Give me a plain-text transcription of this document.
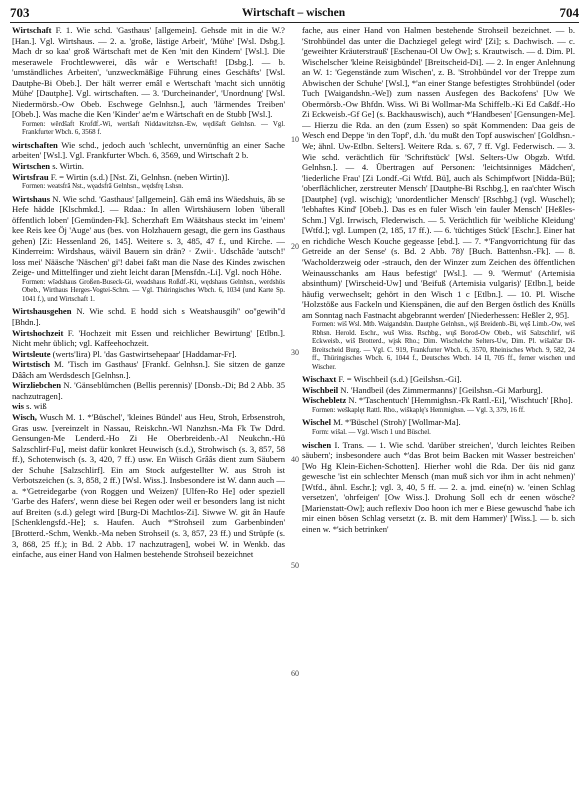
703	Wirtschaft – wischen	704

Wirtschaft F. 1. Wie schd. 'Gasthaus' [allgemein]. Gehsde mit in die W.? [Han.]. Vgl. Wirtshaus. — 2. a. 'große, lästige Arbeit', 'Mühe' [Wsl. Dsbg.]. Mach dr so kaa' groß Wärtschaft met de Ken 'mit den Kindern' [Wsl.]. Die meserawele Frochtlewwerei, dâs wår e Wertschaft! [Dsbg.]. — b. 'umständliches Arbeiten', 'unzweckmäßige Führung eines Geschäfts' [Wsl. Dautphe-Bi Obeb.]. Der hält werrer emâl e Wertschaft 'macht sich unnötig Mühe' [Dautphe]. Vgl. wirtschaften. — 3. 'Durcheinander', 'Unordnung' [Wsl. Niedermörsb.-Ow Obeb. Eschwege Gelnhsn.], auch 'lärmendes Treiben' [Obeb.]. Was mache die Ken 'Kinder' ae'm e Wärtschaft en de Stubb [Wsl.].

Formen: wêrdšaft Krofdf.-Wi, wertšaft Niddawitzhsn.-Ew, wędišaft Gelnhsn. — Vgl. Frankfurter Wbch. 6, 3568 f.

wirtschaften Wie schd., jedoch auch 'schlecht, unvernünftig an einer Sache arbeiten' [Wsl.]. Vgl. Frankfurter Wbch. 6, 3569, und Wirtschaft 2 b.

Wirtschen s. Wirtin.

Wirtsfrau F. = Wirtin (s.d.) [Nst. Zi, Gelnhsn. (neben Wirtin)].

Formen: weatsfrā Nst., węadsfrā Gelnhsn., wędsfrę Lshsn.

Wirtshaus N. Wie schd. 'Gasthaus' [allgemein]. Gäh emâ ins Wäedshuis, âb se Hefe hädde [Klschmkd.]. — Rdaa.: In allen Wirtshäusern loben 'überall öffentlich loben' [Gemünden-Fk]. Scherzhaft Em Wäätshaus steckt im 'einem' kee Reis kee Öj 'Auge' aus (bes. von Holzhauern gesagt, die gern ins Gasthaus gehen) [Zi: Hessenland 26, 145]. Weitere s. 3, 485, 47 f., und Kirche. — Kinderreim: Wirdshaus, wäivil Bauern sin drän? · Zwii·. Udschâde 'autsch!' loss mei' Nääsche 'Näschen' gi'! dabei faßt man die Nase des Kindes zwischen Zeige- und Mittelfinger und zieht leicht daran [Mensfdn.-Li]. Vgl. noch Höhe.

Formen: wîədshaus Großen-Buseck-Gi, weadshaus Roßdf.-Ki, wędshaus Gelnhsn., werdshüs Obeb., Wirthaus Herges-Vogtei-Schm. — Vgl. Thüringisches Wbch. 6, 1034 (und Karte Sp. 1041 f.), und Wirtschaft 1.

Wirtshausgehen N. Wie schd. E hodd sich s Weatshausgih'' oo''gewih''d [Bhdn.].

Wirtshochzeit F. 'Hochzeit mit Essen und reichlicher Bewirtung' [Etlbn.]. Nicht mehr üblich; vgl. Kaffeehochzeit.

Wirtsleute (werts'Iira) Pl. 'das Gastwirtsehepaar' [Haddamar-Fr].

Wirtstisch M. 'Tisch im Gasthaus' [Frankf. Gelnhsn.]. Sie sitzen de ganze Dââch am Werdsdesch [Gelnhsn.].

Wirzliebchen N. 'Gänseblümchen (Bellis perennis)' [Donsb.-Di; Bd 2 Abb. 35 nachzutragen].

wis s. wiß

Wisch, Wusch M. 1. *'Büschel', 'kleines Bündel' aus Heu, Stroh, Erbsenstroh, Gras usw. [vereinzelt in Nassau, Reiskchn.-Wl Nanzhsn.-Ma Fk Tw Ddrd. Gensungen-Me Lenderd.-Ho Zi He Oberbreidenb.-Al Neukchn.-Hü Salzschlirf-Fu], meist dafür konkret Heuwisch (s.d.), Strohwisch (s. 3, 857, 58 ff.), Schotenwisch (s. 3, 420, 7 ff.) usw. En Wiisch Grââs dient zum Säubern der Schuhe [Salzschlirf]. Ein am Stock aufgestellter W. aus Stroh ist Verbotszeichen (s. 3, 858, 2 ff.) [Wsl. Wiss.]. Insbesondere ist W. dann auch — a. *'Getreidegarbe (von Roggen und Weizen)' [Ulfen-Ro He] oder speziell 'Garbe des Hafers', wenn diese bei Regen oder weil er besonders lang ist nicht auf Breiten (s.d.) gelegt wird [Burg-Di Machtlos-Zi]. Siwwe W. git ân Haufe [Schenklengsfd.-He]; s. Haufen. Auch *'Strohseil zum Garbenbinden' [Brotterd.-Schm, Wenkb.-Ma neben Strohseil (s. 3, 857, 23 ff.) und Strüpfe (s. 3, 868, 25 ff.); in Bd. 2 Abb. 17 nachzutragen], wobei W. in Wenkb. das einfache, aus einer Hand von Halmen bestehende Strohseil bezeichnet

10
20
30
40
50
60

fache, aus einer Hand von Halmen bestehende Strohseil bezeichnet. — b. 'Strohbündel das unter die Dachziegel gelegt wird' [Zi]; s. Dachwisch. — c. 'geweihter Kräuterstrauß' [Eschenau-Ol Uw Ow]; s. Krautwisch. — d. Dim. Pl. Wischelscher 'kleine Reisigbündel' [Breitscheid-Di]. — 2. In enger Anlehnung an W. 1: 'Gegenstände zum Wischen', z. B. 'Strohbündel vor der Treppe zum Abwischen der Schuhe' [Wsl.], *'an einer Stange befestigtes Strohbündel (oder Tuch [Waigandshn.-We]) zum nassen Ausfegen des Backofens' [Uw We Obermörsb.-Ow Bhfdn. Wiss. Wi Bi Wollmar-Ma Schiffelb.-Ki Ed Caßdf.-Ho Zi Eckweisb.-Gf Ge] (s. Backhauswisch), auch *'Handbesen' [Gensungen-Me]. — Hierzu die Rda. an den (zum Essen) so spät Kommenden: Daa geis de Wesch end Deppe 'in den Topf', d.h. 'du mußt den Topf auswischen' [Goldhsn.-We; ähnl. Uw-Etlbn. Selters]. Weitere Rda. s. 67, 7 ff. Vgl. Federwisch. — 3. Wie schd. verächtlich für 'Schriftstück' [Wsl. Selters-Uw Obgzb. Wtfd. Gelnhsn.]. — 4. Übertragen auf Personen: 'leichtsinniges Mädchen', 'liederliche Frau' [Zi Londf.-Gi Wtfd. Bü], auch als Schimpfwort [Nidda-Bü]; 'oberflächlicher, zerstreuter Mensch' [Dautphe-Bi Rschbg.], en raa'chter Wisch [Dautphe] (vgl. wischig); 'unordentlicher Mensch' [Rschbg.] (vgl. Wuschel); 'lebhaftes Kind' [Obeb.]. Das es en fuler Wisch 'ein fauler Mensch' [Heßles-Schm.] Vgl. Irrwisch, Flederwisch. — 5. Verächtlich für 'weibliche Kleidung' [Wtfd.]; vgl. Lumpen (2, 185, 17 ff.). — 6. 'tüchtiges Stück' [Eschr.]. Einer hat en richdiche Wesch Kouche gegeasse [ebd.]. — 7. *'Fangvorrichtung für das Getreide an der Sense' (s. Bd. 2 Abb. 78)' [Buch. Battenhsn.-Fk]. — 8. 'Wacholderzweig oder -strauch, den der Winzer zum Zeichen des öffentlichen Weinausschanks am Haus befestigt' [Wsl.]. — 9. 'Wermut' (Artemisia absinthum)' [Wirscheid-Uw] und 'Beifuß (Artemisia vulgaris)' [Etlbn.], beide häufig verwechselt; gehört in den Wisch 1 c [Etlbn.]. — 10. Pl. Wische 'Holzstöße aus Fackeln und Kienspänen, die auf den Bergen östlich des Knülls am Sonntag nach Fastnacht abgebrannt werden' [Niederhessen: Heßler 2, 95].

Formen: wiš Wsl. Mtb. Waigandshn. Dautphe Gelnhsn., wįš Breidenb.-Bi, węš Limb.-Ow, weš Rbhsn. Herold. Eschr., wuš Wiss. Rschbg., wųš Borod-Ow Obeb., wiš Salzschlirf, wiš Eckweisb., wiš Brotterd., wįsk Rho.; Dim. Wischelche Selters-Uw, Dim. Pl. wišalčar Di-Breitscheid Burg. — Vgl. C. 919, Frankfurter Wbch. 6, 3570, Rheinisches Wbch. 9, 582, 24 ff., Thüringisches Wbch. 6, 1044 f., Deutsches Wbch. 14 II, 705 ff., ferner wischen und Wischer.

Wischaxt F. = Wischbeil (s.d.) [Geilshsn.-Gi].

Wischbeil N. 'Handbeil (des Zimmermanns)' [Geilshsn.-Gi Marburg].

Wischebletz N. *'Taschentuch' [Hemmighsn.-Fk Rattl.-Ei], 'Wischtuch' [Rho].

Formen: weškaplęt Rattl. Rho., wiškaplę's Hemmighsn. — Vgl. 3, 379, 16 ff.

Wischel M. *'Büschel (Stroh)' [Wollmar-Ma].

Form: wišal. — Vgl. Wisch 1 und Büschel.

wischen I. Trans. — 1. Wie schd. 'darüber streichen', 'durch leichtes Reiben säubern'; insbesondere auch *'das Brot beim Backen mit Wasser bestreichen' [Wo Hg Klein-Eichen-Schotten]. Hierher wohl die Rda. Der üis nid ganz gewesche 'ist ein schlechter Mensch (man muß sich vor ihm in acht nehmen)' [Wtfd., ähnl. Eschr.]; vgl. 3, 40, 5 ff. — 2. a. jmd. eine(n) w. 'einen Schlag versetzen', 'ohrfeigen' [Ow Wiss.]. Drohung Soll ech dr eenen wösche? [Marienstatt-Ow]; auch reflexiv Doo hoon ich mer e Biese gewuschd 'habe ich mir einen bösen Schlag versetzt (z. B. mit dem Hammer)' [Wiss.]. — b. sich einen w. *'sich betrinken'
